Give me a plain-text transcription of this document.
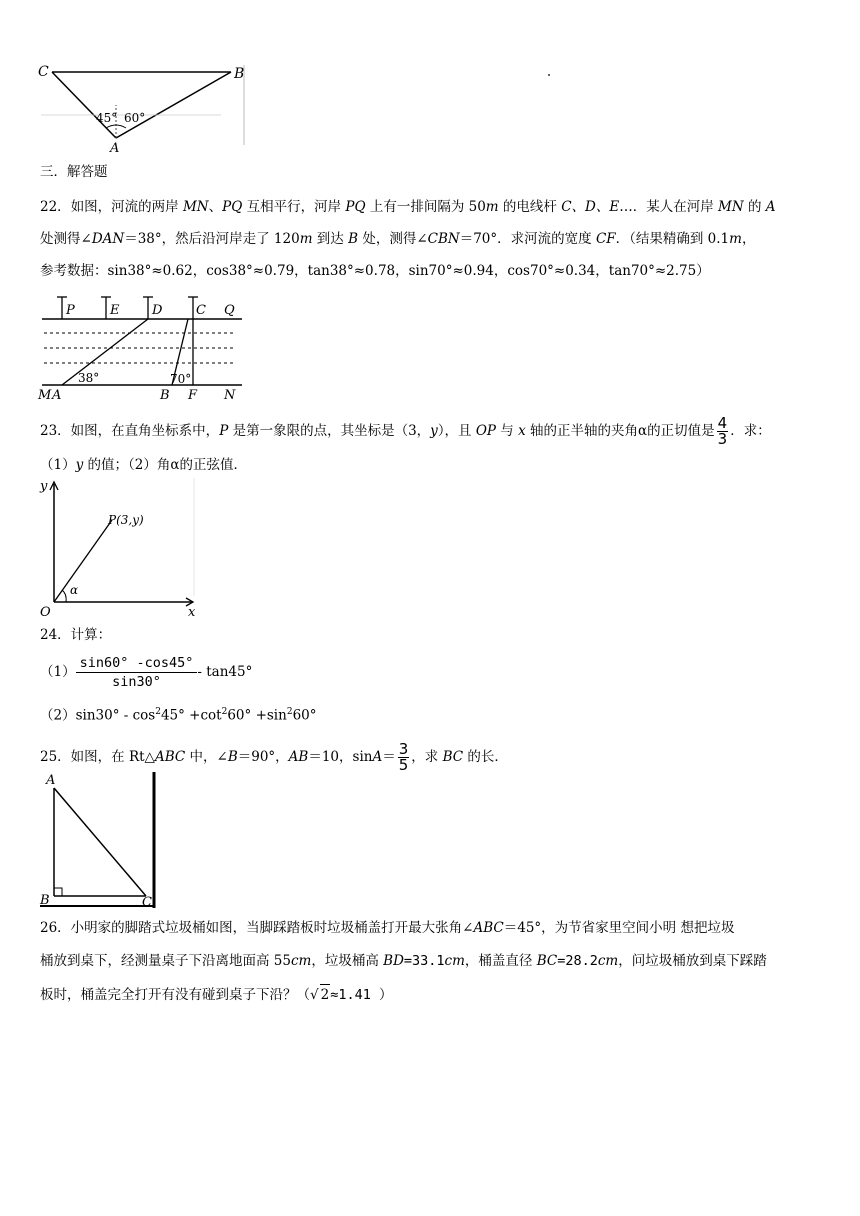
C	B
A
45° 60°
三．解答题
22．如图，河流的两岸 MN、PQ 互相平行，河岸 PQ 上有一排间隔为 50m 的电线杆 C、D、E…．某人在河岸 MN 的 A
处测得∠DAN＝38°，然后沿河岸走了 120m 到达 B 处，测得∠CBN＝70°．求河流的宽度 CF．（结果精确到 0.1m，
参考数据：sin38°≈0.62，cos38°≈0.79，tan38°≈0.78，sin70°≈0.94，cos70°≈0.34，tan70°≈2.75）
P	E	D	C Q
M A	B F N
38°	70°
23．如图，在直角坐标系中，P 是第一象限的点，其坐标是（3，y），且 OP 与 x 轴的正半轴的夹角α的正切值是 $\frac{4}{3}$ ．求：
（1）y 的值；（2）角α的正弦值．
y
x
O
P(3,y)
α
24．计算：
$(1) \frac{\sin 60^\circ -\cos 45^\circ}{\sin 30^\circ} - \tan 45^\circ$
$(2)\sin 30^\circ - \cos^245^\circ +\cot^260^\circ +\sin^260^\circ$
25．如图，在 Rt△ABC 中，∠B＝90°，AB＝10，$\sin A= \frac{3}{5}$ ，求 BC 的长．
A
B	C
26．小明家的脚踏式垃圾桶如图，当脚踩踏板时垃圾桶盖打开最大张角∠ABC＝45°，为节省家里空间小明 想把垃圾
桶放到桌下，经测量桌子下沿离地面高 55cm，垃圾桶高 BD=33.1cm，桶盖直径 BC=28.2cm，问垃圾桶放到桌下踩踏
板时，桶盖完全打开有没有碰到桌子下沿？（√ 2≈1.41 ）
